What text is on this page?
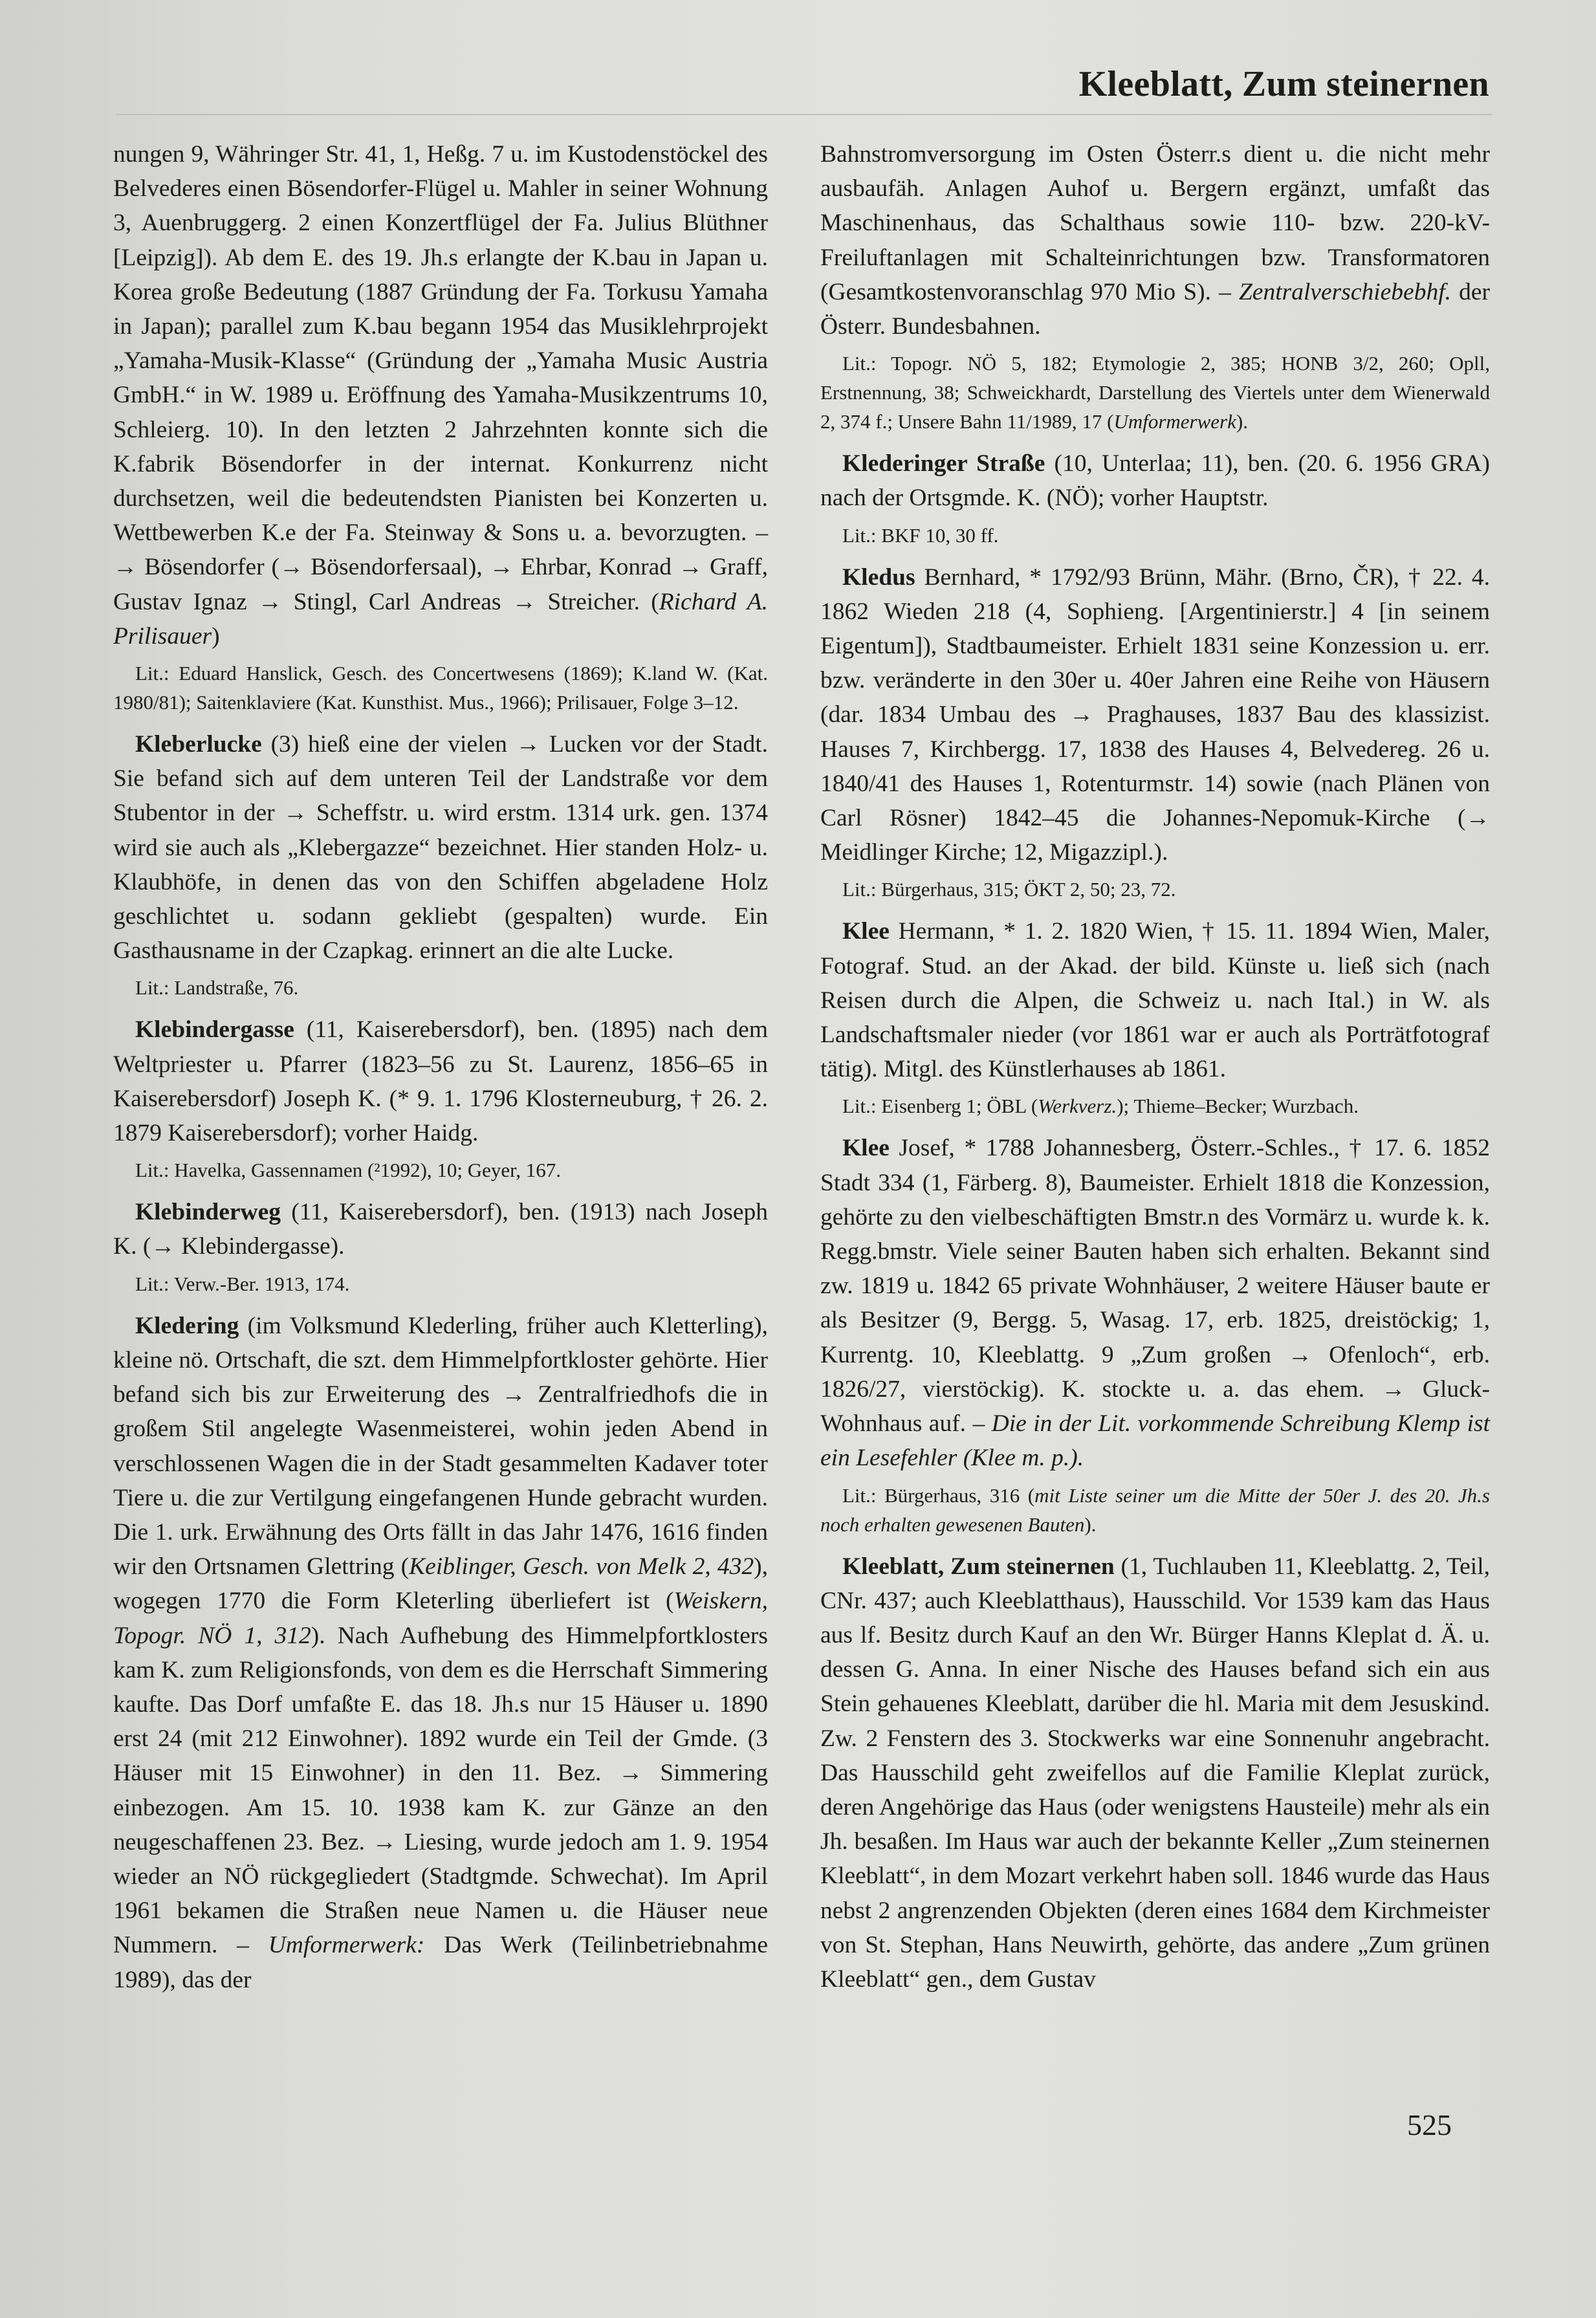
Kleeblatt, Zum steinernen

nungen 9, Währinger Str. 41, 1, Heßg. 7 u. im Kustodenstöckel des Belvederes einen Bösendorfer-Flügel u. Mahler in seiner Wohnung 3, Auenbruggerg. 2 einen Konzertflügel der Fa. Julius Blüthner [Leipzig]). Ab dem E. des 19. Jh.s erlangte der K.bau in Japan u. Korea große Bedeutung (1887 Gründung der Fa. Torkusu Yamaha in Japan); parallel zum K.bau begann 1954 das Musiklehrprojekt „Yamaha-Musik-Klasse“ (Gründung der „Yamaha Music Austria GmbH.“ in W. 1989 u. Eröffnung des Yamaha-Musikzentrums 10, Schleierg. 10). In den letzten 2 Jahrzehnten konnte sich die K.fabrik Bösendorfer in der internat. Konkurrenz nicht durchsetzen, weil die bedeutendsten Pianisten bei Konzerten u. Wettbewerben K.e der Fa. Steinway & Sons u. a. bevorzugten. – → Bösendorfer (→ Bösendorfersaal), → Ehrbar, Konrad → Graff, Gustav Ignaz → Stingl, Carl Andreas → Streicher. (Richard A. Prilisauer)

Lit.: Eduard Hanslick, Gesch. des Concertwesens (1869); K.land W. (Kat. 1980/81); Saitenklaviere (Kat. Kunsthist. Mus., 1966); Prilisauer, Folge 3–12.

Kleberlucke (3) hieß eine der vielen → Lucken vor der Stadt. Sie befand sich auf dem unteren Teil der Landstraße vor dem Stubentor in der → Scheffstr. u. wird erstm. 1314 urk. gen. 1374 wird sie auch als „Klebergazze“ bezeichnet. Hier standen Holz- u. Klaubhöfe, in denen das von den Schiffen abgeladene Holz geschlichtet u. sodann gekliebt (gespalten) wurde. Ein Gasthausname in der Czapkag. erinnert an die alte Lucke.

Lit.: Landstraße, 76.

Klebindergasse (11, Kaiserebersdorf), ben. (1895) nach dem Weltpriester u. Pfarrer (1823–56 zu St. Laurenz, 1856–65 in Kaiserebersdorf) Joseph K. (* 9. 1. 1796 Klosterneuburg, † 26. 2. 1879 Kaiserebersdorf); vorher Haidg.

Lit.: Havelka, Gassennamen (²1992), 10; Geyer, 167.

Klebinderweg (11, Kaiserebersdorf), ben. (1913) nach Joseph K. (→ Klebindergasse).

Lit.: Verw.-Ber. 1913, 174.

Kledering (im Volksmund Klederling, früher auch Kletterling), kleine nö. Ortschaft, die szt. dem Himmelpfortkloster gehörte. Hier befand sich bis zur Erweiterung des → Zentralfriedhofs die in großem Stil angelegte Wasenmeisterei, wohin jeden Abend in verschlossenen Wagen die in der Stadt gesammelten Kadaver toter Tiere u. die zur Vertilgung eingefangenen Hunde gebracht wurden. Die 1. urk. Erwähnung des Orts fällt in das Jahr 1476, 1616 finden wir den Ortsnamen Glettring (Keiblinger, Gesch. von Melk 2, 432), wogegen 1770 die Form Kleterling überliefert ist (Weiskern, Topogr. NÖ 1, 312). Nach Aufhebung des Himmelpfortklosters kam K. zum Religionsfonds, von dem es die Herrschaft Simmering kaufte. Das Dorf umfaßte E. das 18. Jh.s nur 15 Häuser u. 1890 erst 24 (mit 212 Einwohner). 1892 wurde ein Teil der Gmde. (3 Häuser mit 15 Einwohner) in den 11. Bez. → Simmering einbezogen. Am 15. 10. 1938 kam K. zur Gänze an den neugeschaffenen 23. Bez. → Liesing, wurde jedoch am 1. 9. 1954 wieder an NÖ rückgegliedert (Stadtgmde. Schwechat). Im April 1961 bekamen die Straßen neue Namen u. die Häuser neue Nummern. – Umformerwerk: Das Werk (Teilinbetriebnahme 1989), das der

Bahnstromversorgung im Osten Österr.s dient u. die nicht mehr ausbaufäh. Anlagen Auhof u. Bergern ergänzt, umfaßt das Maschinenhaus, das Schalthaus sowie 110- bzw. 220-kV-Freiluftanlagen mit Schalteinrichtungen bzw. Transformatoren (Gesamtkostenvoranschlag 970 Mio S). – Zentralverschiebebhf. der Österr. Bundesbahnen.

Lit.: Topogr. NÖ 5, 182; Etymologie 2, 385; HONB 3/2, 260; Opll, Erstnennung, 38; Schweickhardt, Darstellung des Viertels unter dem Wienerwald 2, 374 f.; Unsere Bahn 11/1989, 17 (Umformerwerk).

Klederinger Straße (10, Unterlaa; 11), ben. (20. 6. 1956 GRA) nach der Ortsgmde. K. (NÖ); vorher Hauptstr.

Lit.: BKF 10, 30 ff.

Kledus Bernhard, * 1792/93 Brünn, Mähr. (Brno, ČR), † 22. 4. 1862 Wieden 218 (4, Sophieng. [Argentinierstr.] 4 [in seinem Eigentum]), Stadtbaumeister. Erhielt 1831 seine Konzession u. err. bzw. veränderte in den 30er u. 40er Jahren eine Reihe von Häusern (dar. 1834 Umbau des → Praghauses, 1837 Bau des klassizist. Hauses 7, Kirchbergg. 17, 1838 des Hauses 4, Belvedereg. 26 u. 1840/41 des Hauses 1, Rotenturmstr. 14) sowie (nach Plänen von Carl Rösner) 1842–45 die Johannes-Nepomuk-Kirche (→ Meidlinger Kirche; 12, Migazzipl.).

Lit.: Bürgerhaus, 315; ÖKT 2, 50; 23, 72.

Klee Hermann, * 1. 2. 1820 Wien, † 15. 11. 1894 Wien, Maler, Fotograf. Stud. an der Akad. der bild. Künste u. ließ sich (nach Reisen durch die Alpen, die Schweiz u. nach Ital.) in W. als Landschaftsmaler nieder (vor 1861 war er auch als Porträtfotograf tätig). Mitgl. des Künstlerhauses ab 1861.

Lit.: Eisenberg 1; ÖBL (Werkverz.); Thieme–Becker; Wurzbach.

Klee Josef, * 1788 Johannesberg, Österr.-Schles., † 17. 6. 1852 Stadt 334 (1, Färberg. 8), Baumeister. Erhielt 1818 die Konzession, gehörte zu den vielbeschäftigten Bmstr.n des Vormärz u. wurde k. k. Regg.bmstr. Viele seiner Bauten haben sich erhalten. Bekannt sind zw. 1819 u. 1842 65 private Wohnhäuser, 2 weitere Häuser baute er als Besitzer (9, Bergg. 5, Wasag. 17, erb. 1825, dreistöckig; 1, Kurrentg. 10, Kleeblattg. 9 „Zum großen → Ofenloch“, erb. 1826/27, vierstöckig). K. stockte u. a. das ehem. → Gluck-Wohnhaus auf. – Die in der Lit. vorkommende Schreibung Klemp ist ein Lesefehler (Klee m. p.).

Lit.: Bürgerhaus, 316 (mit Liste seiner um die Mitte der 50er J. des 20. Jh.s noch erhalten gewesenen Bauten).

Kleeblatt, Zum steinernen (1, Tuchlauben 11, Kleeblattg. 2, Teil, CNr. 437; auch Kleeblatthaus), Hausschild. Vor 1539 kam das Haus aus lf. Besitz durch Kauf an den Wr. Bürger Hanns Kleplat d. Ä. u. dessen G. Anna. In einer Nische des Hauses befand sich ein aus Stein gehauenes Kleeblatt, darüber die hl. Maria mit dem Jesuskind. Zw. 2 Fenstern des 3. Stockwerks war eine Sonnenuhr angebracht. Das Hausschild geht zweifellos auf die Familie Kleplat zurück, deren Angehörige das Haus (oder wenigstens Hausteile) mehr als ein Jh. besaßen. Im Haus war auch der bekannte Keller „Zum steinernen Kleeblatt“, in dem Mozart verkehrt haben soll. 1846 wurde das Haus nebst 2 angrenzenden Objekten (deren eines 1684 dem Kirchmeister von St. Stephan, Hans Neuwirth, gehörte, das andere „Zum grünen Kleeblatt“ gen., dem Gustav

525
